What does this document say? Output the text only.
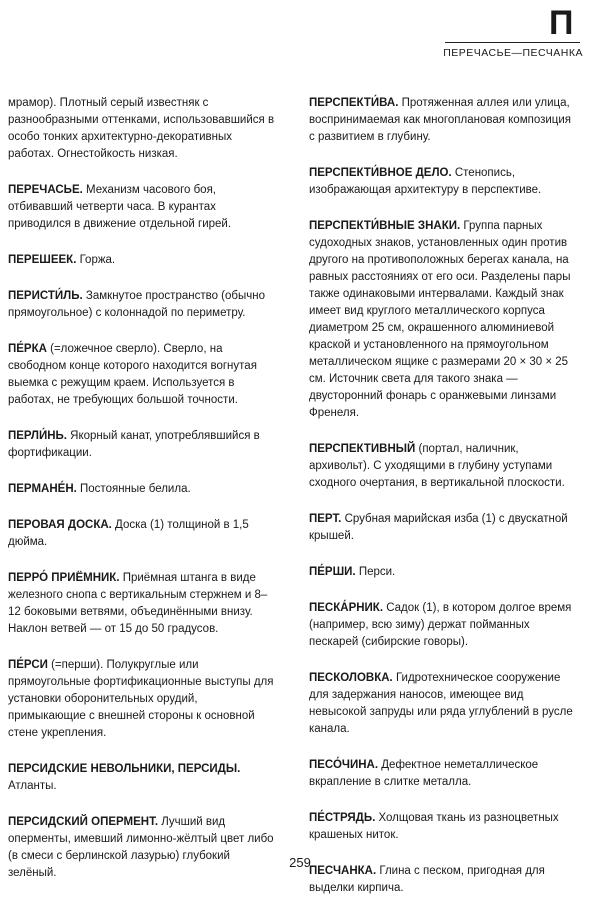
П
ПЕРЕЧАСЬЕ—ПЕСЧАНКА

мрамор). Плотный серый известняк с разнообразными оттенками, использовавшийся в особо тонких архитектурно-декоративных работах. Огнестойкость низкая.

ПЕРЕЧАСЬЕ. Механизм часового боя, отбивавший четверти часа. В курантах приводился в движение отдельной гирей.

ПЕРЕШЕЕК. Горжа.

ПЕРИСТИ́ЛЬ. Замкнутое пространство (обычно прямоугольное) с колоннадой по периметру.

ПЕ́РКА (=ложечное сверло). Сверло, на свободном конце которого находится вогнутая выемка с режущим краем. Используется в работах, не требующих большой точности.

ПЕРЛИ́НЬ. Якорный канат, употреблявшийся в фортификации.

ПЕРМАНЕ́Н. Постоянные белила.

ПЕРОВАЯ ДОСКА. Доска (1) толщиной в 1,5 дюйма.

ПЕРРО́ ПРИЁМНИК. Приёмная штанга в виде железного снопа с вертикальным стержнем и 8–12 боковыми ветвями, объединёнными внизу. Наклон ветвей — от 15 до 50 градусов.

ПЕ́РСИ (=перши). Полукруглые или прямоугольные фортификационные выступы для установки оборонительных орудий, примыкающие с внешней стороны к основной стене укрепления.

ПЕРСИДСКИЕ НЕВОЛЬНИКИ, ПЕРСИДЫ. Атланты.

ПЕРСИДСКИЙ ОПЕРМЕНТ. Лучший вид оперменты, имевший лимонно-жёлтый цвет либо (в смеси с берлинской лазурью) глубокий зелёный.

ПЕРСПЕКТИ́ВА. Протяженная аллея или улица, воспринимаемая как многоплановая композиция с развитием в глубину.

ПЕРСПЕКТИ́ВНОЕ ДЕЛО. Стенопись, изображающая архитектуру в перспективе.

ПЕРСПЕКТИ́ВНЫЕ ЗНАКИ. Группа парных судоходных знаков, установленных один против другого на противоположных берегах канала, на равных расстояниях от его оси. Разделены пары также одинаковыми интервалами. Каждый знак имеет вид круглого металлического корпуса диаметром 25 см, окрашенного алюминиевой краской и установленного на прямоугольном металлическом ящике с размерами 20 × 30 × 25 см. Источник света для такого знака — двусторонний фонарь с оранжевыми линзами Френеля.

ПЕРСПЕКТИВНЫЙ (портал, наличник, архивольт). С уходящими в глубину уступами сходного очертания, в вертикальной плоскости.

ПЕРТ. Срубная марийская изба (1) с двускатной крышей.

ПЕ́РШИ. Перси.

ПЕСКА́РНИК. Садок (1), в котором долгое время (например, всю зиму) держат пойманных пескарей (сибирские говоры).

ПЕСКОЛОВКА. Гидротехническое сооружение для задержания наносов, имеющее вид невысокой запруды или ряда углублений в русле канала.

ПЕСО́ЧИНА. Дефектное неметаллическое вкрапление в слитке металла.

ПЕ́СТРЯДЬ. Холщовая ткань из разноцветных крашеных ниток.

ПЕСЧАНКА. Глина с песком, пригодная для выделки кирпича.

259
